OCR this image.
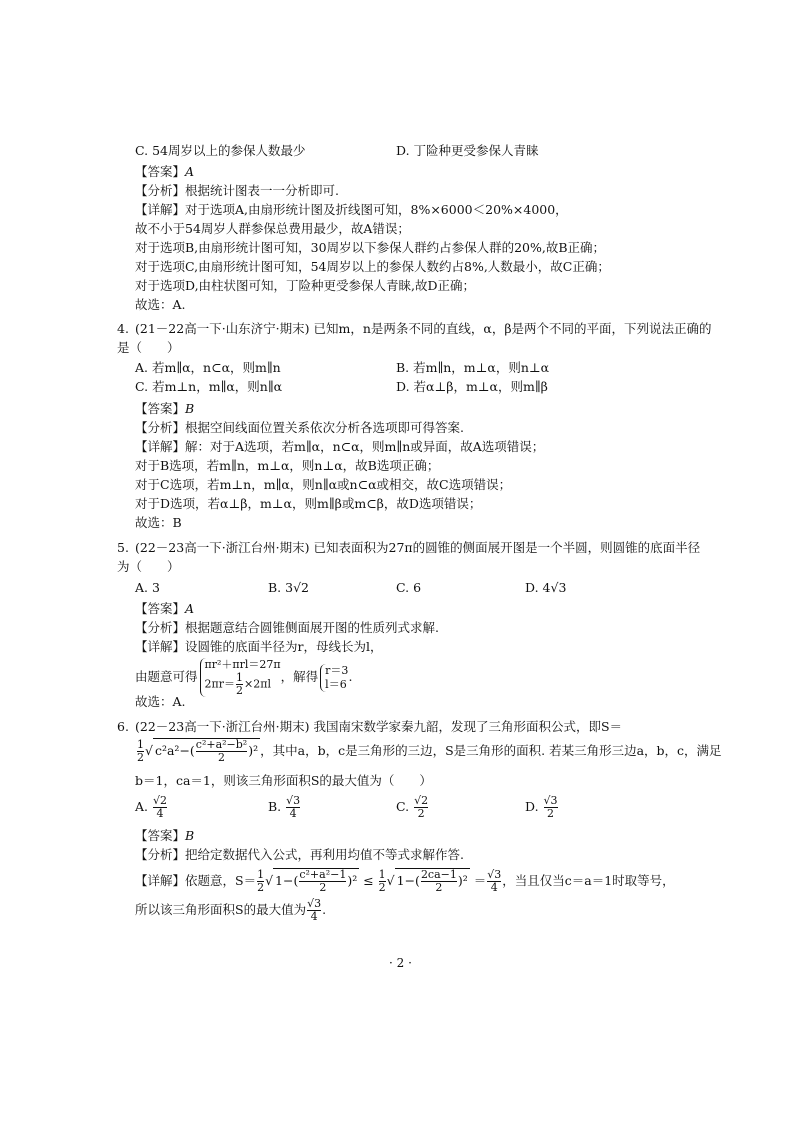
C. 54周岁以上的参保人数最少	D. 丁险种更受参保人青睐
【答案】A
【分析】根据统计图表一一分析即可.
【详解】对于选项A,由扇形统计图及折线图可知，8%×6000＜20%×4000，
故不小于54周岁人群参保总费用最少，故A错误；
对于选项B,由扇形统计图可知，30周岁以下参保人群约占参保人群的20%,故B正确；
对于选项C,由扇形统计图可知，54周岁以上的参保人数约占8%,人数最小，故C正确；
对于选项D,由柱状图可知，丁险种更受参保人青睐,故D正确；
故选：A.
4. (21－22高一下·山东济宁·期末) 已知m，n是两条不同的直线，α，β是两个不同的平面，下列说法正确的
是（　　）
A. 若m∥α，n⊂α，则m∥n	B. 若m∥n，m⊥α，则n⊥α
C. 若m⊥n，m∥α，则n∥α	D. 若α⊥β，m⊥α，则m∥β
【答案】B
【分析】根据空间线面位置关系依次分析各选项即可得答案.
【详解】解：对于A选项，若m∥α，n⊂α，则m∥n或异面，故A选项错误；
对于B选项，若m∥n，m⊥α，则n⊥α，故B选项正确；
对于C选项，若m⊥n，m∥α，则n∥α或n⊂α或相交，故C选项错误；
对于D选项，若α⊥β，m⊥α，则m∥β或m⊂β，故D选项错误；
故选：B
5. (22－23高一下·浙江台州·期末) 已知表面积为27π的圆锥的侧面展开图是一个半圆，则圆锥的底面半径
为（　　）
A. 3	B. 3√2	C. 6	D. 4√3
【答案】A
【分析】根据题意结合圆锥侧面展开图的性质列式求解.
【详解】设圆锥的底面半径为r，母线长为l，
由题意可得
πr²＋πrl＝27π
$2\pi r= \frac{1}{2} \times 2\pi l$ ，解得 r＝3
l＝6 .
故选：A.
6. (22－23高一下·浙江台州·期末) 我国南宋数学家秦九韶，发现了三角形面积公式，即S＝
$\frac{1}{2}$ √ $c^2a^2-( \frac{\text{c²+a²−b²}}{2} )^2$ ，其中a，b，c是三角形的三边，S是三角形的面积. 若某三角形三边a，b，c，满足
b＝1，ca＝1，则该三角形面积S的最大值为（　　）
A. $\frac{√2}{4}$	B. $\frac{√3}{4}$	C. $\frac{√2}{2}$	D. $\frac{√3}{2}$
【答案】B
【分析】把给定数据代入公式，再利用均值不等式求解作答.
【详解】依题意，$S= \frac{1}{2}$ √ $1-( \frac{\text{c²+a²−1}}{2} )^2 \le \frac{1}{2}$ √ $1-( \frac{2ca-1}{2} )^2 = \frac{√3}{4}$ ，当且仅当c＝a＝1时取等号，
所以该三角形面积S的最大值为 $\frac{√3}{4}$ .
· 2 ·
